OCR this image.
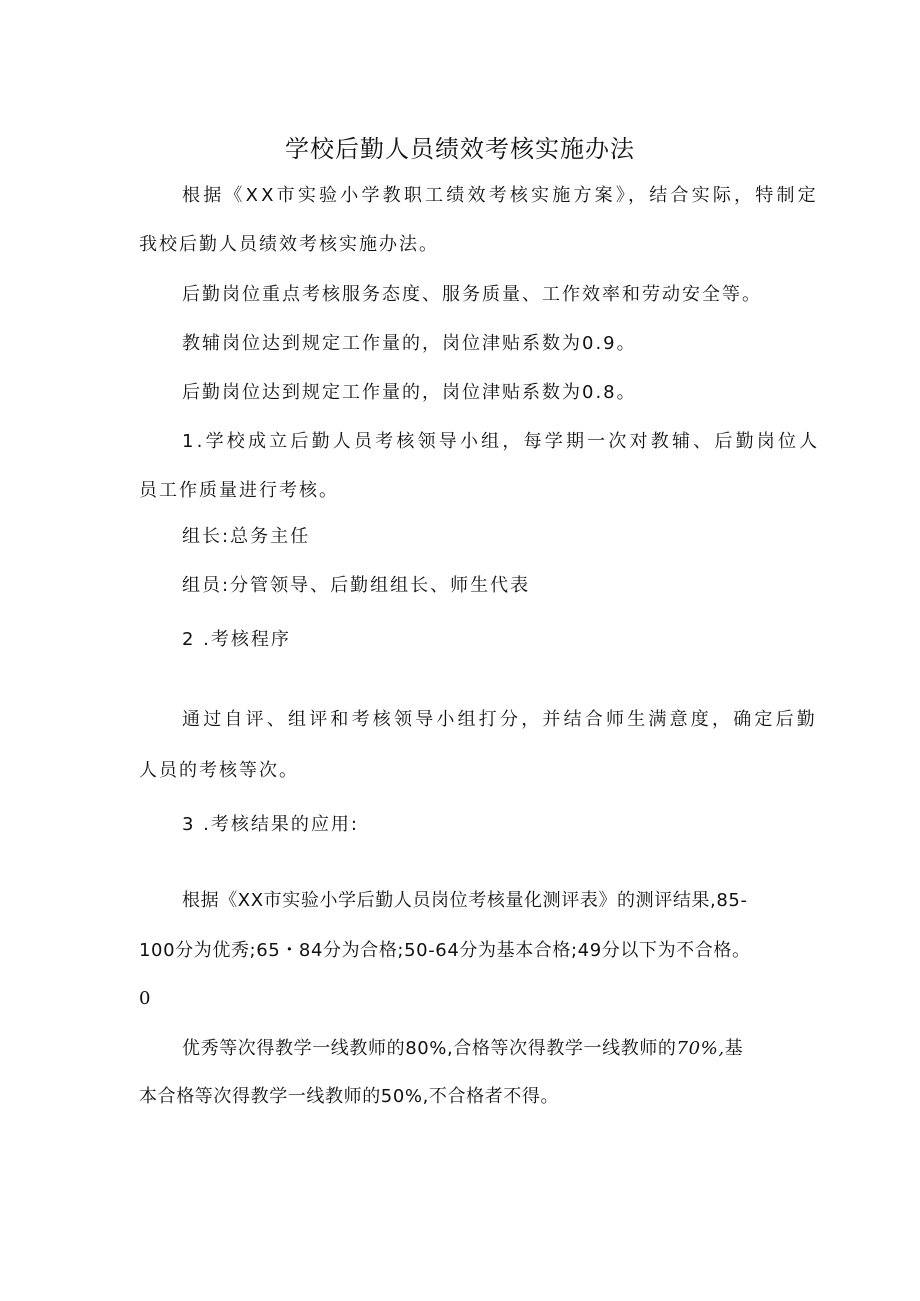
学校后勤人员绩效考核实施办法

根据《XX市实验小学教职工绩效考核实施方案》，结合实际，特制定

我校后勤人员绩效考核实施办法。

后勤岗位重点考核服务态度、服务质量、工作效率和劳动安全等。

教辅岗位达到规定工作量的，岗位津贴系数为0.9。

后勤岗位达到规定工作量的，岗位津贴系数为0.8。

1.学校成立后勤人员考核领导小组，每学期一次对教辅、后勤岗位人

员工作质量进行考核。

组长:总务主任

组员:分管领导、后勤组组长、师生代表

2 .考核程序

通过自评、组评和考核领导小组打分，并结合师生满意度，确定后勤

人员的考核等次。

3 .考核结果的应用:

根据《XX市实验小学后勤人员岗位考核量化测评表》的测评结果,85-

100分为优秀;65・84分为合格;50-64分为基本合格;49分以下为不合格。

0

优秀等次得教学一线教师的80%,合格等次得教学一线教师的70%,基

本合格等次得教学一线教师的50%,不合格者不得。
